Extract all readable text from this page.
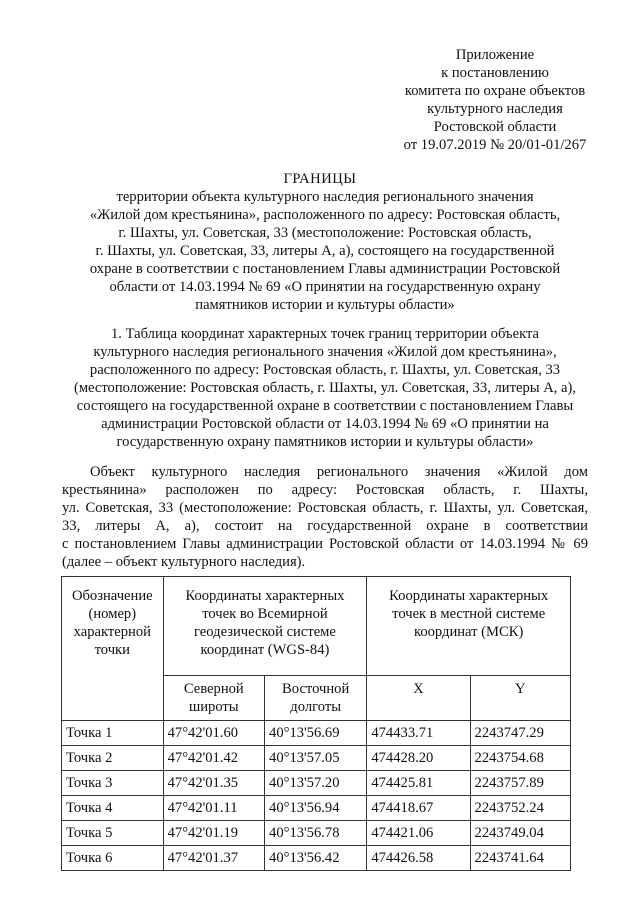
Приложение
к постановлению
комитета по охране объектов
культурного наследия
Ростовской области
от 19.07.2019 № 20/01-01/267
ГРАНИЦЫ
территории объекта культурного наследия регионального значения
«Жилой дом крестьянина», расположенного по адресу: Ростовская область,
г. Шахты, ул. Советская, 33 (местоположение: Ростовская область,
г. Шахты, ул. Советская, 33, литеры А, а), состоящего на государственной
охране в соответствии с постановлением Главы администрации Ростовской
области от 14.03.1994 № 69 «О принятии на государственную охрану
памятников истории и культуры области»
1. Таблица координат характерных точек границ территории объекта
культурного наследия регионального значения «Жилой дом крестьянина»,
расположенного по адресу: Ростовская область, г. Шахты, ул. Советская, 33
(местоположение: Ростовская область, г. Шахты, ул. Советская, 33, литеры А, а),
состоящего на государственной охране в соответствии с постановлением Главы
администрации Ростовской области от 14.03.1994 № 69 «О принятии на
государственную охрану памятников истории и культуры области»
Объект культурного наследия регионального значения «Жилой дом
крестьянина» расположен по адресу: Ростовская область, г. Шахты,
ул. Советская, 33 (местоположение: Ростовская область, г. Шахты, ул. Советская,
33, литеры А, а), состоит на государственной охране в соответствии
с постановлением Главы администрации Ростовской области от 14.03.1994 № 69
(далее – объект культурного наследия).
Обозначение (номер) характерной точки	Координаты характерных точек во Всемирной геодезической системе координат (WGS-84)		Координаты характерных точек в местной системе координат (МСК)	
	Северной широты	Восточной долготы	X	Y
Точка 1	47°42'01.60	40°13'56.69	474433.71	2243747.29
Точка 2	47°42'01.42	40°13'57.05	474428.20	2243754.68
Точка 3	47°42'01.35	40°13'57.20	474425.81	2243757.89
Точка 4	47°42'01.11	40°13'56.94	474418.67	2243752.24
Точка 5	47°42'01.19	40°13'56.78	474421.06	2243749.04
Точка 6	47°42'01.37	40°13'56.42	474426.58	2243741.64
